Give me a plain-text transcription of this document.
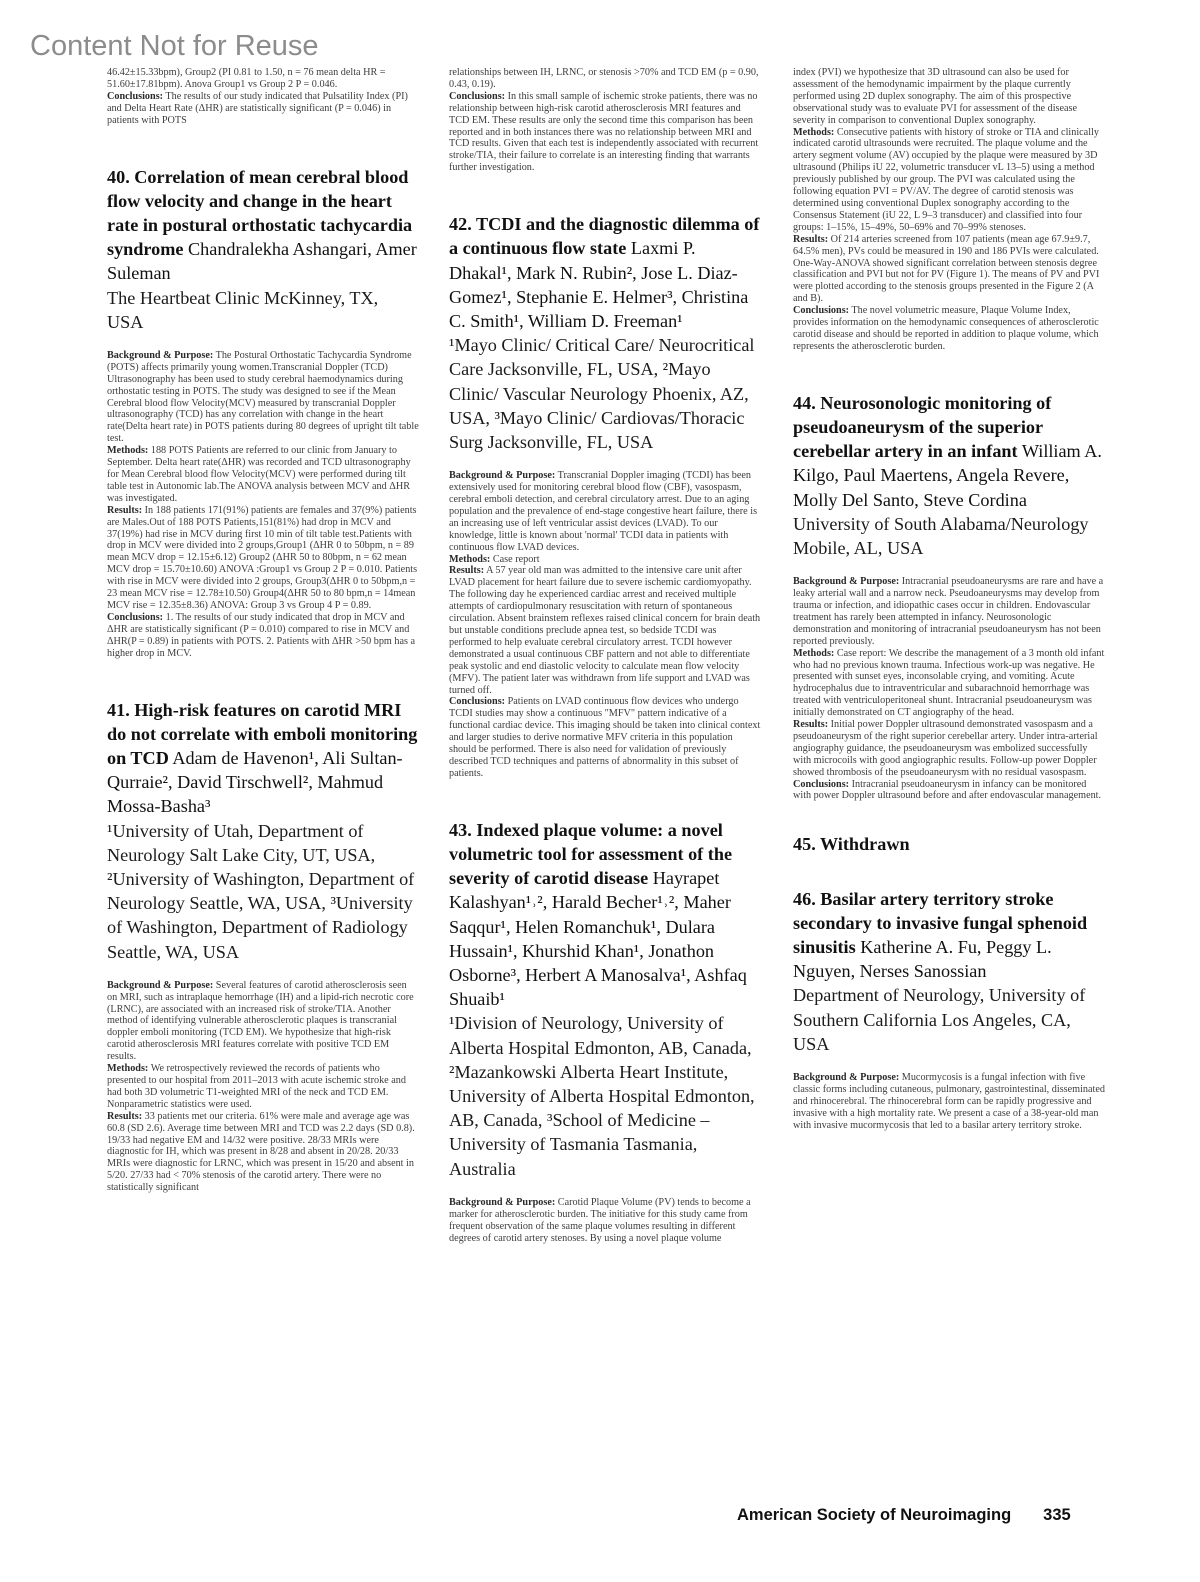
Content Not for Reuse

46.42±15.33bpm), Group2 (PI 0.81 to 1.50, n = 76 mean delta HR = 51.60±17.81bpm). Anova Group1 vs Group 2 P = 0.046.

Conclusions: The results of our study indicated that Pulsatility Index (PI) and Delta Heart Rate (ΔHR) are statistically significant (P = 0.046) in patients with POTS

40. Correlation of mean cerebral blood flow velocity and change in the heart rate in postural orthostatic tachycardia syndrome Chandralekha Ashangari, Amer Suleman

The Heartbeat Clinic McKinney, TX, USA

Background & Purpose: The Postural Orthostatic Tachycardia Syndrome (POTS) affects primarily young women.Transcranial Doppler (TCD) Ultrasonography has been used to study cerebral haemodynamics during orthostatic testing in POTS. The study was designed to see if the Mean Cerebral blood flow Velocity(MCV) measured by transcranial Doppler ultrasonography (TCD) has any correlation with change in the heart rate(Delta heart rate) in POTS patients during 80 degrees of upright tilt table test.

Methods: 188 POTS Patients are referred to our clinic from January to September. Delta heart rate(ΔHR) was recorded and TCD ultrasonography for Mean Cerebral blood flow Velocity(MCV) were performed during tilt table test in Autonomic lab.The ANOVA analysis between MCV and ΔHR was investigated.

Results: In 188 patients 171(91%) patients are females and 37(9%) patients are Males.Out of 188 POTS Patients,151(81%) had drop in MCV and 37(19%) had rise in MCV during first 10 min of tilt table test.Patients with drop in MCV were divided into 2 groups,Group1 (ΔHR 0 to 50bpm, n = 89 mean MCV drop = 12.15±6.12) Group2 (ΔHR 50 to 80bpm, n = 62 mean MCV drop = 15.70±10.60) ANOVA :Group1 vs Group 2 P = 0.010. Patients with rise in MCV were divided into 2 groups, Group3(ΔHR 0 to 50bpm,n = 23 mean MCV rise = 12.78±10.50) Group4(ΔHR 50 to 80 bpm,n = 14mean MCV rise = 12.35±8.36) ANOVA: Group 3 vs Group 4 P = 0.89.

Conclusions: 1. The results of our study indicated that drop in MCV and ΔHR are statistically significant (P = 0.010) compared to rise in MCV and ΔHR(P = 0.89) in patients with POTS. 2. Patients with ΔHR >50 bpm has a higher drop in MCV.

41. High-risk features on carotid MRI do not correlate with emboli monitoring on TCD Adam de Havenon¹, Ali Sultan-Qurraie², David Tirschwell², Mahmud Mossa-Basha³

¹University of Utah, Department of Neurology Salt Lake City, UT, USA, ²University of Washington, Department of Neurology Seattle, WA, USA, ³University of Washington, Department of Radiology Seattle, WA, USA

Background & Purpose: Several features of carotid atherosclerosis seen on MRI, such as intraplaque hemorrhage (IH) and a lipid-rich necrotic core (LRNC), are associated with an increased risk of stroke/TIA. Another method of identifying vulnerable atherosclerotic plaques is transcranial doppler emboli monitoring (TCD EM). We hypothesize that high-risk carotid atherosclerosis MRI features correlate with positive TCD EM results.

Methods: We retrospectively reviewed the records of patients who presented to our hospital from 2011–2013 with acute ischemic stroke and had both 3D volumetric T1-weighted MRI of the neck and TCD EM. Nonparametric statistics were used.

Results: 33 patients met our criteria. 61% were male and average age was 60.8 (SD 2.6). Average time between MRI and TCD was 2.2 days (SD 0.8). 19/33 had negative EM and 14/32 were positive. 28/33 MRIs were diagnostic for IH, which was present in 8/28 and absent in 20/28. 20/33 MRIs were diagnostic for LRNC, which was present in 15/20 and absent in 5/20. 27/33 had < 70% stenosis of the carotid artery. There were no statistically significant

relationships between IH, LRNC, or stenosis >70% and TCD EM (p = 0.90, 0.43, 0.19).

Conclusions: In this small sample of ischemic stroke patients, there was no relationship between high-risk carotid atherosclerosis MRI features and TCD EM. These results are only the second time this comparison has been reported and in both instances there was no relationship between MRI and TCD results. Given that each test is independently associated with recurrent stroke/TIA, their failure to correlate is an interesting finding that warrants further investigation.

42. TCDI and the diagnostic dilemma of a continuous flow state Laxmi P. Dhakal¹, Mark N. Rubin², Jose L. Diaz-Gomez¹, Stephanie E. Helmer³, Christina C. Smith¹, William D. Freeman¹

¹Mayo Clinic/ Critical Care/ Neurocritical Care Jacksonville, FL, USA, ²Mayo Clinic/ Vascular Neurology Phoenix, AZ, USA, ³Mayo Clinic/ Cardiovas/Thoracic Surg Jacksonville, FL, USA

Background & Purpose: Transcranial Doppler imaging (TCDI) has been extensively used for monitoring cerebral blood flow (CBF), vasospasm, cerebral emboli detection, and cerebral circulatory arrest. Due to an aging population and the prevalence of end-stage congestive heart failure, there is an increasing use of left ventricular assist devices (LVAD). To our knowledge, little is known about 'normal' TCDI data in patients with continuous flow LVAD devices.

Methods: Case report

Results: A 57 year old man was admitted to the intensive care unit after LVAD placement for heart failure due to severe ischemic cardiomyopathy. The following day he experienced cardiac arrest and received multiple attempts of cardiopulmonary resuscitation with return of spontaneous circulation. Absent brainstem reflexes raised clinical concern for brain death but unstable conditions preclude apnea test, so bedside TCDI was performed to help evaluate cerebral circulatory arrest. TCDI however demonstrated a usual continuous CBF pattern and not able to differentiate peak systolic and end diastolic velocity to calculate mean flow velocity (MFV). The patient later was withdrawn from life support and LVAD was turned off.

Conclusions: Patients on LVAD continuous flow devices who undergo TCDI studies may show a continuous "MFV" pattern indicative of a functional cardiac device. This imaging should be taken into clinical context and larger studies to derive normative MFV criteria in this population should be performed. There is also need for validation of previously described TCD techniques and patterns of abnormality in this subset of patients.

43. Indexed plaque volume: a novel volumetric tool for assessment of the severity of carotid disease Hayrapet Kalashyan¹˒², Harald Becher¹˒², Maher Saqqur¹, Helen Romanchuk¹, Dulara Hussain¹, Khurshid Khan¹, Jonathon Osborne³, Herbert A Manosalva¹, Ashfaq Shuaib¹

¹Division of Neurology, University of Alberta Hospital Edmonton, AB, Canada, ²Mazankowski Alberta Heart Institute, University of Alberta Hospital Edmonton, AB, Canada, ³School of Medicine – University of Tasmania Tasmania, Australia

Background & Purpose: Carotid Plaque Volume (PV) tends to become a marker for atherosclerotic burden. The initiative for this study came from frequent observation of the same plaque volumes resulting in different degrees of carotid artery stenoses. By using a novel plaque volume

index (PVI) we hypothesize that 3D ultrasound can also be used for assessment of the hemodynamic impairment by the plaque currently performed using 2D duplex sonography. The aim of this prospective observational study was to evaluate PVI for assessment of the disease severity in comparison to conventional Duplex sonography.

Methods: Consecutive patients with history of stroke or TIA and clinically indicated carotid ultrasounds were recruited. The plaque volume and the artery segment volume (AV) occupied by the plaque were measured by 3D ultrasound (Philips iU 22, volumetric transducer vL 13–5) using a method previously published by our group. The PVI was calculated using the following equation PVI = PV/AV. The degree of carotid stenosis was determined using conventional Duplex sonography according to the Consensus Statement (iU 22, L 9–3 transducer) and classified into four groups: 1–15%, 15–49%, 50–69% and 70–99% stenoses.

Results: Of 214 arteries screened from 107 patients (mean age 67.9±9.7, 64.5% men), PVs could be measured in 190 and 186 PVIs were calculated. One-Way-ANOVA showed significant correlation between stenosis degree classification and PVI but not for PV (Figure 1). The means of PV and PVI were plotted according to the stenosis groups presented in the Figure 2 (A and B).

Conclusions: The novel volumetric measure, Plaque Volume Index, provides information on the hemodynamic consequences of atherosclerotic carotid disease and should be reported in addition to plaque volume, which represents the atherosclerotic burden.

44. Neurosonologic monitoring of pseudoaneurysm of the superior cerebellar artery in an infant William A. Kilgo, Paul Maertens, Angela Revere, Molly Del Santo, Steve Cordina

University of South Alabama/Neurology Mobile, AL, USA

Background & Purpose: Intracranial pseudoaneurysms are rare and have a leaky arterial wall and a narrow neck. Pseudoaneurysms may develop from trauma or infection, and idiopathic cases occur in children. Endovascular treatment has rarely been attempted in infancy. Neurosonologic demonstration and monitoring of intracranial pseudoaneurysm has not been reported previously.

Methods: Case report: We describe the management of a 3 month old infant who had no previous known trauma. Infectious work-up was negative. He presented with sunset eyes, inconsolable crying, and vomiting. Acute hydrocephalus due to intraventricular and subarachnoid hemorrhage was treated with ventriculoperitoneal shunt. Intracranial pseudoaneurysm was initially demonstrated on CT angiography of the head.

Results: Initial power Doppler ultrasound demonstrated vasospasm and a pseudoaneurysm of the right superior cerebellar artery. Under intra-arterial angiography guidance, the pseudoaneurysm was embolized successfully with microcoils with good angiographic results. Follow-up power Doppler showed thrombosis of the pseudoaneurysm with no residual vasospasm.

Conclusions: Intracranial pseudoaneurysm in infancy can be monitored with power Doppler ultrasound before and after endovascular management.

45. Withdrawn

46. Basilar artery territory stroke secondary to invasive fungal sphenoid sinusitis Katherine A. Fu, Peggy L. Nguyen, Nerses Sanossian

Department of Neurology, University of Southern California Los Angeles, CA, USA

Background & Purpose: Mucormycosis is a fungal infection with five classic forms including cutaneous, pulmonary, gastrointestinal, disseminated and rhinocerebral. The rhinocerebral form can be rapidly progressive and invasive with a high mortality rate. We present a case of a 38-year-old man with invasive mucormycosis that led to a basilar artery territory stroke.

American Society of Neuroimaging 335
